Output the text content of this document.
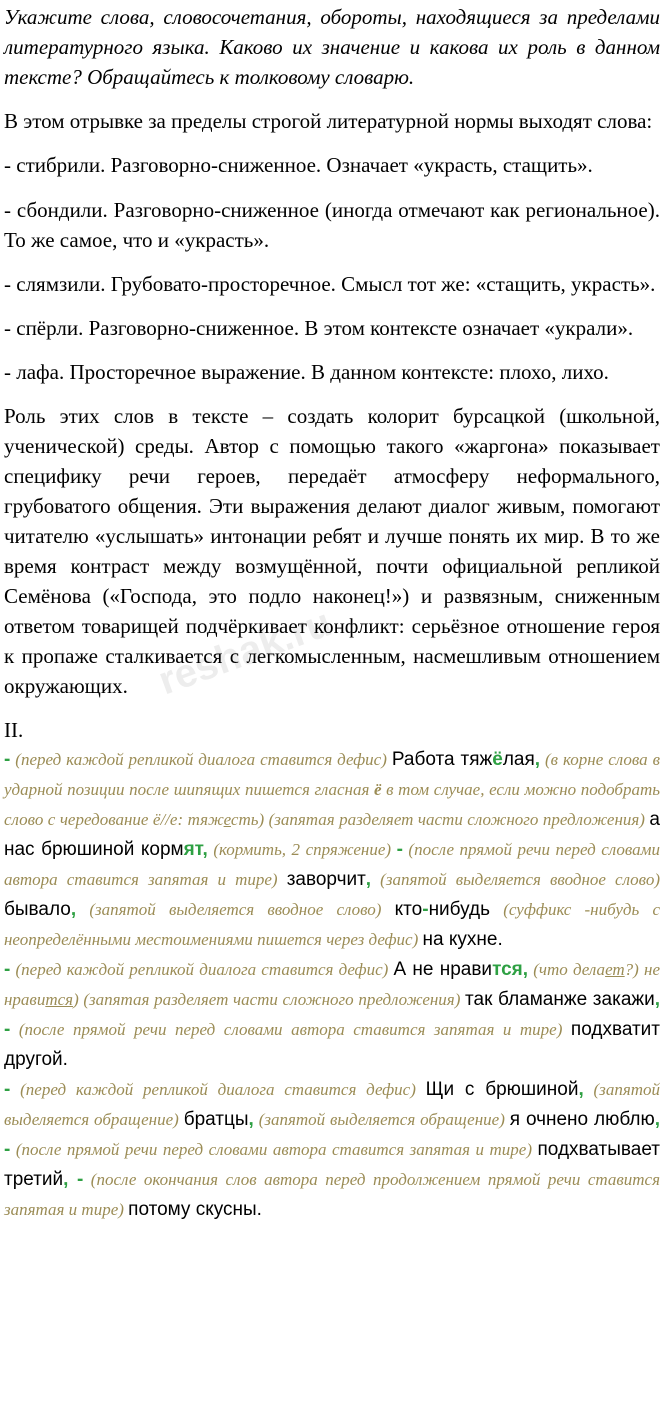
Укажите слова, словосочетания, обороты, находящиеся за пределами литературного языка. Каково их значение и какова их роль в данном тексте? Обращайтесь к толковому словарю.

В этом отрывке за пределы строгой литературной нормы выходят слова:

- стибрили. Разговорно-сниженное. Означает «украсть, стащить».

- сбондили. Разговорно-сниженное (иногда отмечают как региональное). То же самое, что и «украсть».

- слямзили. Грубовато-просторечное. Смысл тот же: «стащить, украсть».

- спёрли. Разговорно-сниженное. В этом контексте означает «украли».

- лафа. Просторечное выражение. В данном контексте: плохо, лихо.

Роль этих слов в тексте – создать колорит бурсацкой (школьной, ученической) среды. Автор с помощью такого «жаргона» показывает специфику речи героев, передаёт атмосферу неформального, грубоватого общения. Эти выражения делают диалог живым, помогают читателю «услышать» интонации ребят и лучше понять их мир. В то же время контраст между возмущённой, почти официальной репликой Семёнова («Господа, это подло наконец!») и развязным, сниженным ответом товарищей подчёркивает конфликт: серьёзное отношение героя к пропаже сталкивается с легкомысленным, насмешливым отношением окружающих.

II.

- (перед каждой репликой диалога ставится дефис) Работа тяжёлая, (в корне слова в ударной позиции после шипящих пишется гласная ё в том случае, если можно подобрать слово с чередование ё//е: тяжесть) (запятая разделяет части сложного предложения) а нас брюшиной кормят, (кормить, 2 спряжение) - (после прямой речи перед словами автора ставится запятая и тире) заворчит, (запятой выделяется вводное слово) бывало, (запятой выделяется вводное слово) кто-нибудь (суффикс -нибудь с неопределёнными местоимениями пишется через дефис) на кухне.

- (перед каждой репликой диалога ставится дефис) А не нравится, (что делает?) не нравится) (запятая разделяет части сложного предложения) так бламанже закажи, - (после прямой речи перед словами автора ставится запятая и тире) подхватит другой.

- (перед каждой репликой диалога ставится дефис) Щи с брюшиной, (запятой выделяется обращение) братцы, (запятой выделяется обращение) я очнено люблю, - (после прямой речи перед словами автора ставится запятая и тире) подхватывает третий, - (после окончания слов автора перед продолжением прямой речи ставится запятая и тире) потому скусны.

reshak.ru
